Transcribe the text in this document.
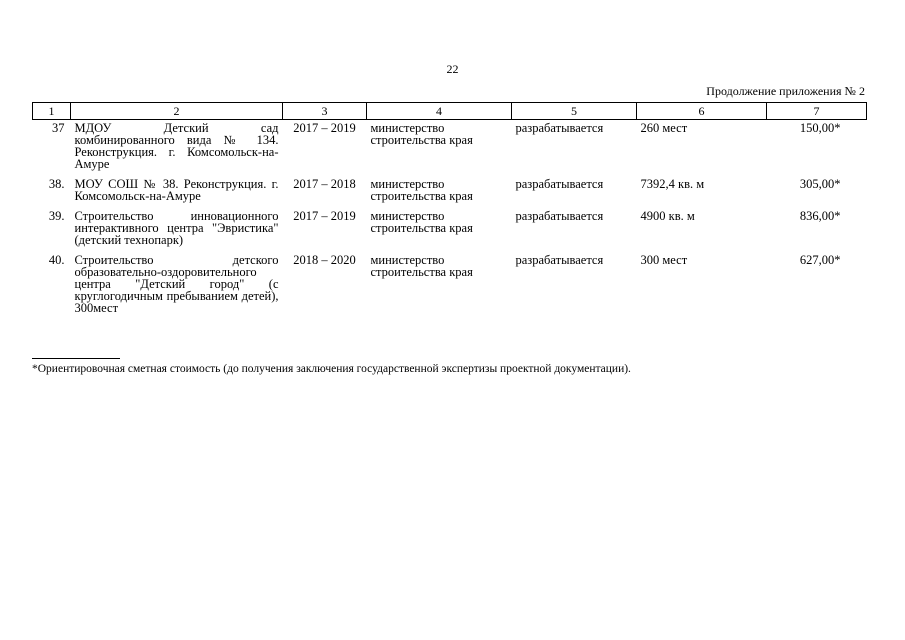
22
Продолжение приложения № 2
1	2	3	4	5	6	7
37	МДОУ Детский сад комбинированного вида № 134. Реконструкция. г. Комсомольск-на-Амуре	2017 – 2019	министерство строительства края	разрабатывается	260 мест	150,00*
38.	МОУ СОШ № 38. Реконструкция. г. Комсомольск-на-Амуре	2017 – 2018	министерство строительства края	разрабатывается	7392,4 кв. м	305,00*
39.	Строительство инновационного интерактивного центра "Эвристика" (детский технопарк)	2017 – 2019	министерство строительства края	разрабатывается	4900 кв. м	836,00*
40.	Строительство детского образовательно-оздоровительного центра "Детский город" (с круглогодичным пребыванием детей), 300мест	2018 – 2020	министерство строительства края	разрабатывается	300 мест	627,00*
*Ориентировочная сметная стоимость (до получения заключения государственной экспертизы проектной документации).
